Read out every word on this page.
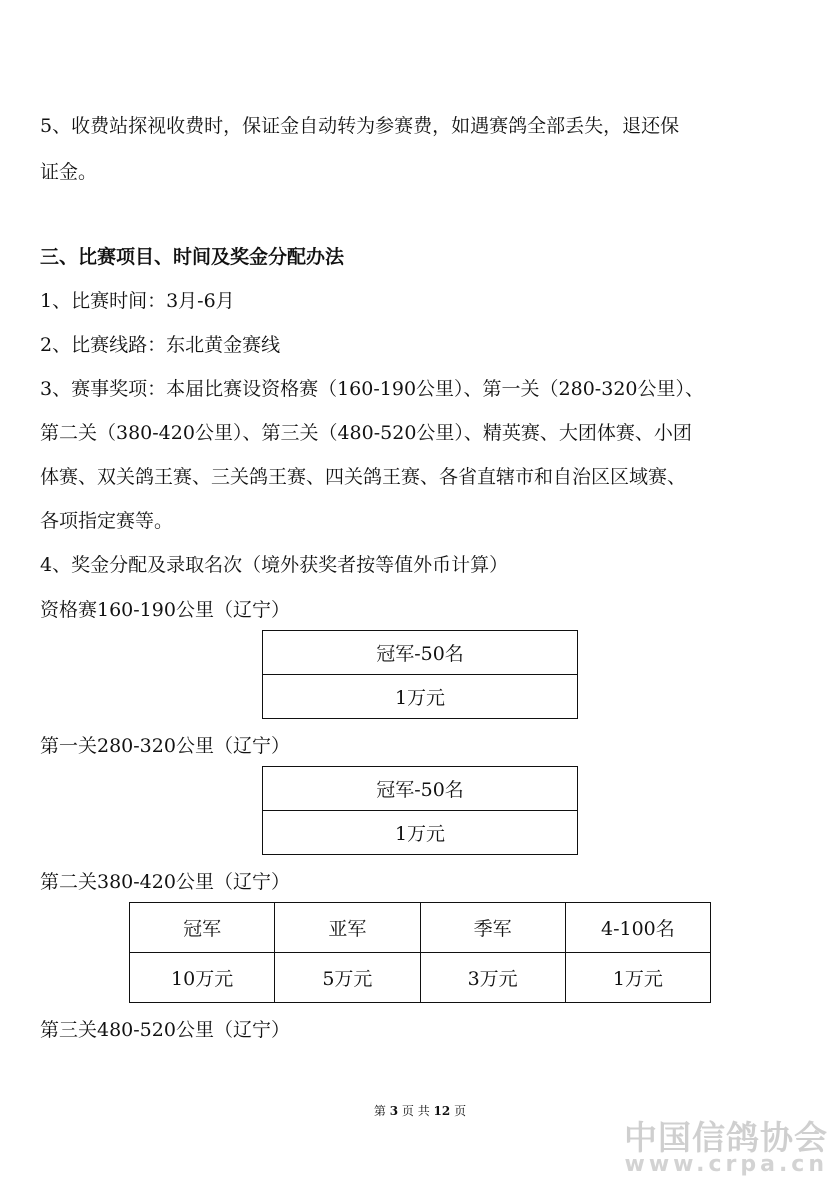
5、收费站探视收费时，保证金自动转为参赛费，如遇赛鸽全部丢失，退还保
证金。
三、比赛项目、时间及奖金分配办法
1、比赛时间：3月-6月
2、比赛线路：东北黄金赛线
3、赛事奖项：本届比赛设资格赛（160-190公里）、第一关（280-320公里）、
第二关（380-420公里）、第三关（480-520公里）、精英赛、大团体赛、小团
体赛、双关鸽王赛、三关鸽王赛、四关鸽王赛、各省直辖市和自治区区域赛、
各项指定赛等。
4、奖金分配及录取名次（境外获奖者按等值外币计算）
资格赛160-190公里（辽宁）
冠军-50名
1万元
第一关280-320公里（辽宁）
冠军-50名
1万元
第二关380-420公里（辽宁）
冠军	亚军	季军	4-100名
10万元	5万元	3万元	1万元
第三关480-520公里（辽宁）
第 3 页 共 12 页
中国信鸽协会
www.crpa.cn
